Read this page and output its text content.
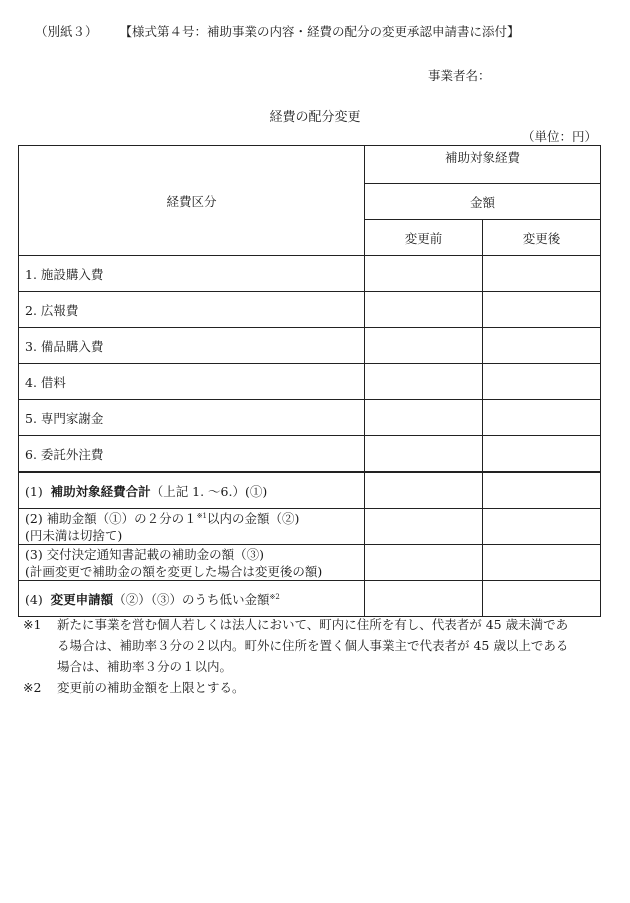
（別紙３） 【様式第４号：補助事業の内容・経費の配分の変更承認申請書に添付】
事業者名：
経費の配分変更
（単位：円）
経費区分	補助対象経費	
	金額	
	変更前	変更後
1. 施設購入費		
2. 広報費		
3. 備品購入費		
4. 借料		
5. 専門家謝金		
6. 委託外注費		
(1) 補助対象経費合計（上記 1. ～6.）(①)		
(2) 補助金額（①）の２分の１$^{※1}$以内の金額（②)
(円未満は切捨て)		
(3) 交付決定通知書記載の補助金の額（③)
(計画変更で補助金の額を変更した場合は変更後の額)		
(4) 変更申請額（②）（③）のうち低い金額$^{※2}$		
※1 新たに事業を営む個人若しくは法人において、町内に住所を有し、代表者が 45 歳未満であ
る場合は、補助率３分の２以内。町外に住所を置く個人事業主で代表者が 45 歳以上である
場合は、補助率３分の１以内。
※2 変更前の補助金額を上限とする。
